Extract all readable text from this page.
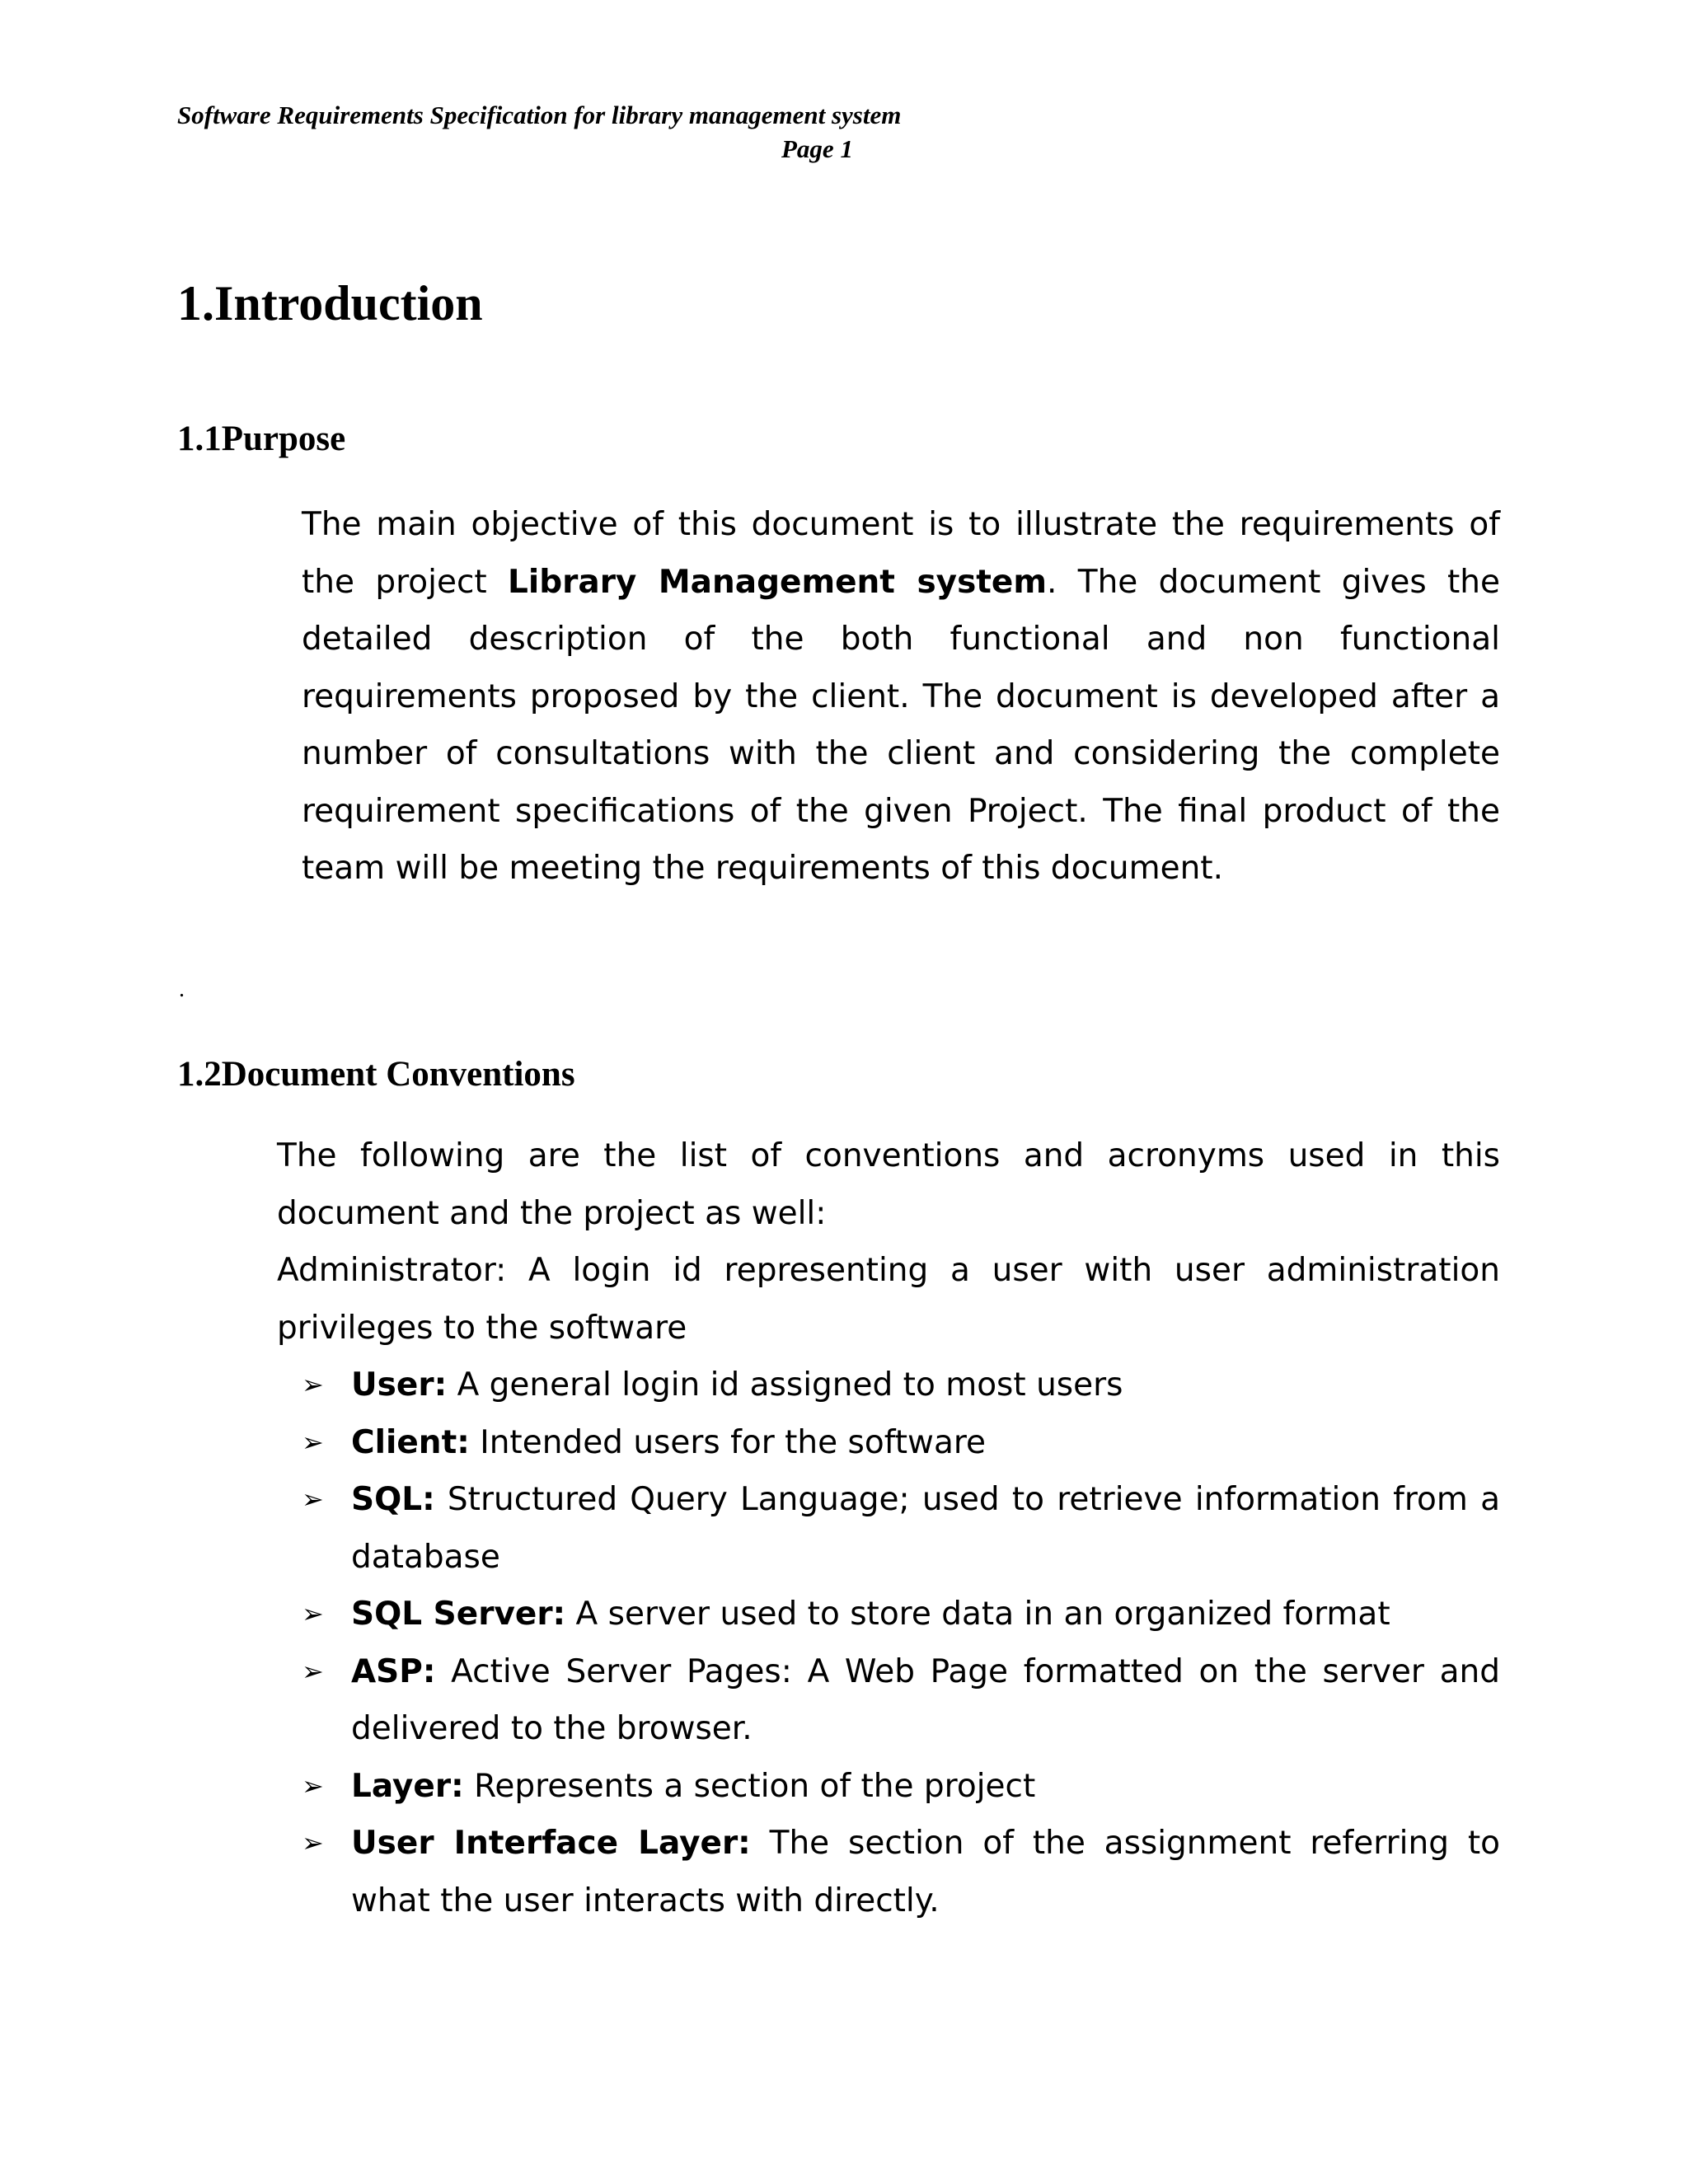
Software Requirements Specification for library management system
Page 1
1.Introduction
1.1Purpose
The main objective of this document is to illustrate the requirements of the project Library Management system. The document gives the detailed description of the both functional and non functional requirements proposed by the client. The document is developed after a number of consultations with the client and considering the complete requirement specifications of the given Project. The final product of the team will be meeting the requirements of this document.
.
1.2Document Conventions

The following are the list of conventions and acronyms used in this document and the project as well:

Administrator: A login id representing a user with user administration privileges to the software

➢ User: A general login id assigned to most users
➢ Client: Intended users for the software
➢ SQL: Structured Query Language; used to retrieve information from a database
➢ SQL Server: A server used to store data in an organized format
➢ ASP: Active Server Pages: A Web Page formatted on the server and delivered to the browser.
➢ Layer: Represents a section of the project
➢ User Interface Layer: The section of the assignment referring to what the user interacts with directly.
